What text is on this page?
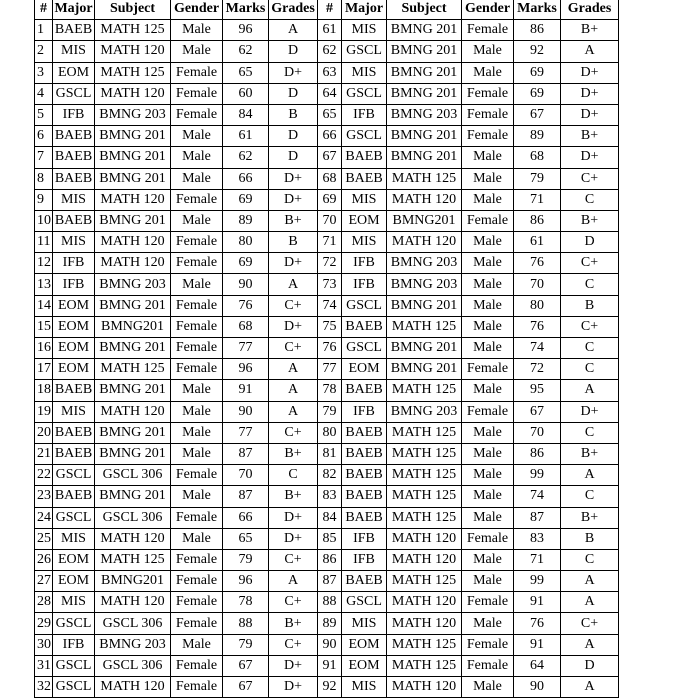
#	Major	Subject	Gender	Marks	Grades	#	Major	Subject	Gender	Marks	Grades
1	BAEB	MATH 125	Male	96	A	61	MIS	BMNG 201	Female	86	B+
2	MIS	MATH 120	Male	62	D	62	GSCL	BMNG 201	Male	92	A
3	EOM	MATH 125	Female	65	D+	63	MIS	BMNG 201	Male	69	D+
4	GSCL	MATH 120	Female	60	D	64	GSCL	BMNG 201	Female	69	D+
5	IFB	BMNG 203	Female	84	B	65	IFB	BMNG 203	Female	67	D+
6	BAEB	BMNG 201	Male	61	D	66	GSCL	BMNG 201	Female	89	B+
7	BAEB	BMNG 201	Male	62	D	67	BAEB	BMNG 201	Male	68	D+
8	BAEB	BMNG 201	Male	66	D+	68	BAEB	MATH 125	Male	79	C+
9	MIS	MATH 120	Female	69	D+	69	MIS	MATH 120	Male	71	C
10	BAEB	BMNG 201	Male	89	B+	70	EOM	BMNG201	Female	86	B+
11	MIS	MATH 120	Female	80	B	71	MIS	MATH 120	Male	61	D
12	IFB	MATH 120	Female	69	D+	72	IFB	BMNG 203	Male	76	C+
13	IFB	BMNG 203	Male	90	A	73	IFB	BMNG 203	Male	70	C
14	EOM	BMNG 201	Female	76	C+	74	GSCL	BMNG 201	Male	80	B
15	EOM	BMNG201	Female	68	D+	75	BAEB	MATH 125	Male	76	C+
16	EOM	BMNG 201	Female	77	C+	76	GSCL	BMNG 201	Male	74	C
17	EOM	MATH 125	Female	96	A	77	EOM	BMNG 201	Female	72	C
18	BAEB	BMNG 201	Male	91	A	78	BAEB	MATH 125	Male	95	A
19	MIS	MATH 120	Male	90	A	79	IFB	BMNG 203	Female	67	D+
20	BAEB	BMNG 201	Male	77	C+	80	BAEB	MATH 125	Male	70	C
21	BAEB	BMNG 201	Male	87	B+	81	BAEB	MATH 125	Male	86	B+
22	GSCL	GSCL 306	Female	70	C	82	BAEB	MATH 125	Male	99	A
23	BAEB	BMNG 201	Male	87	B+	83	BAEB	MATH 125	Male	74	C
24	GSCL	GSCL 306	Female	66	D+	84	BAEB	MATH 125	Male	87	B+
25	MIS	MATH 120	Male	65	D+	85	IFB	MATH 120	Female	83	B
26	EOM	MATH 125	Female	79	C+	86	IFB	MATH 120	Male	71	C
27	EOM	BMNG201	Female	96	A	87	BAEB	MATH 125	Male	99	A
28	MIS	MATH 120	Female	78	C+	88	GSCL	MATH 120	Female	91	A
29	GSCL	GSCL 306	Female	88	B+	89	MIS	MATH 120	Male	76	C+
30	IFB	BMNG 203	Male	79	C+	90	EOM	MATH 125	Female	91	A
31	GSCL	GSCL 306	Female	67	D+	91	EOM	MATH 125	Female	64	D
32	GSCL	MATH 120	Female	67	D+	92	MIS	MATH 120	Male	90	A
